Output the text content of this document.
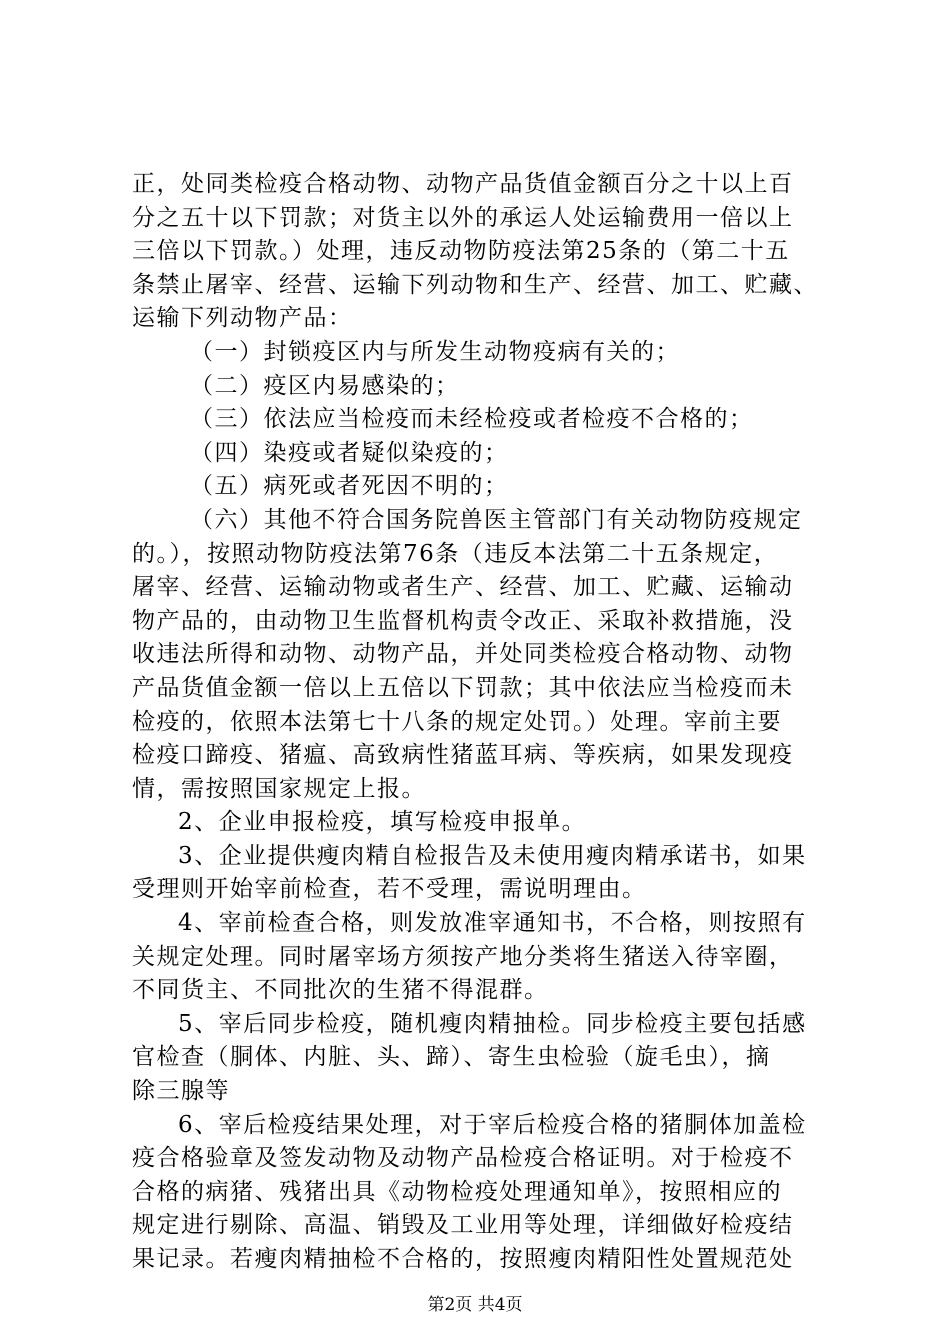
正，处同类检疫合格动物、动物产品货值金额百分之十以上百
分之五十以下罚款；对货主以外的承运人处运输费用一倍以上
三倍以下罚款。）处理，违反动物防疫法第25条的（第二十五
条禁止屠宰、经营、运输下列动物和生产、经营、加工、贮藏、
运输下列动物产品：
（一）封锁疫区内与所发生动物疫病有关的；
（二）疫区内易感染的；
（三）依法应当检疫而未经检疫或者检疫不合格的；
（四）染疫或者疑似染疫的；
（五）病死或者死因不明的；
（六）其他不符合国务院兽医主管部门有关动物防疫规定
的。），按照动物防疫法第76条（违反本法第二十五条规定，
屠宰、经营、运输动物或者生产、经营、加工、贮藏、运输动
物产品的，由动物卫生监督机构责令改正、采取补救措施，没
收违法所得和动物、动物产品，并处同类检疫合格动物、动物
产品货值金额一倍以上五倍以下罚款；其中依法应当检疫而未
检疫的，依照本法第七十八条的规定处罚。）处理。宰前主要
检疫口蹄疫、猪瘟、高致病性猪蓝耳病、等疾病，如果发现疫
情，需按照国家规定上报。
2、企业申报检疫，填写检疫申报单。
3、企业提供瘦肉精自检报告及未使用瘦肉精承诺书，如果
受理则开始宰前检查，若不受理，需说明理由。
4、宰前检查合格，则发放准宰通知书，不合格，则按照有
关规定处理。同时屠宰场方须按产地分类将生猪送入待宰圈，
不同货主、不同批次的生猪不得混群。
5、宰后同步检疫，随机瘦肉精抽检。同步检疫主要包括感
官检查（胴体、内脏、头、蹄）、寄生虫检验（旋毛虫），摘
除三腺等
6、宰后检疫结果处理，对于宰后检疫合格的猪胴体加盖检
疫合格验章及签发动物及动物产品检疫合格证明。对于检疫不
合格的病猪、残猪出具《动物检疫处理通知单》，按照相应的
规定进行剔除、高温、销毁及工业用等处理，详细做好检疫结
果记录。若瘦肉精抽检不合格的，按照瘦肉精阳性处置规范处
第2页 共4页
